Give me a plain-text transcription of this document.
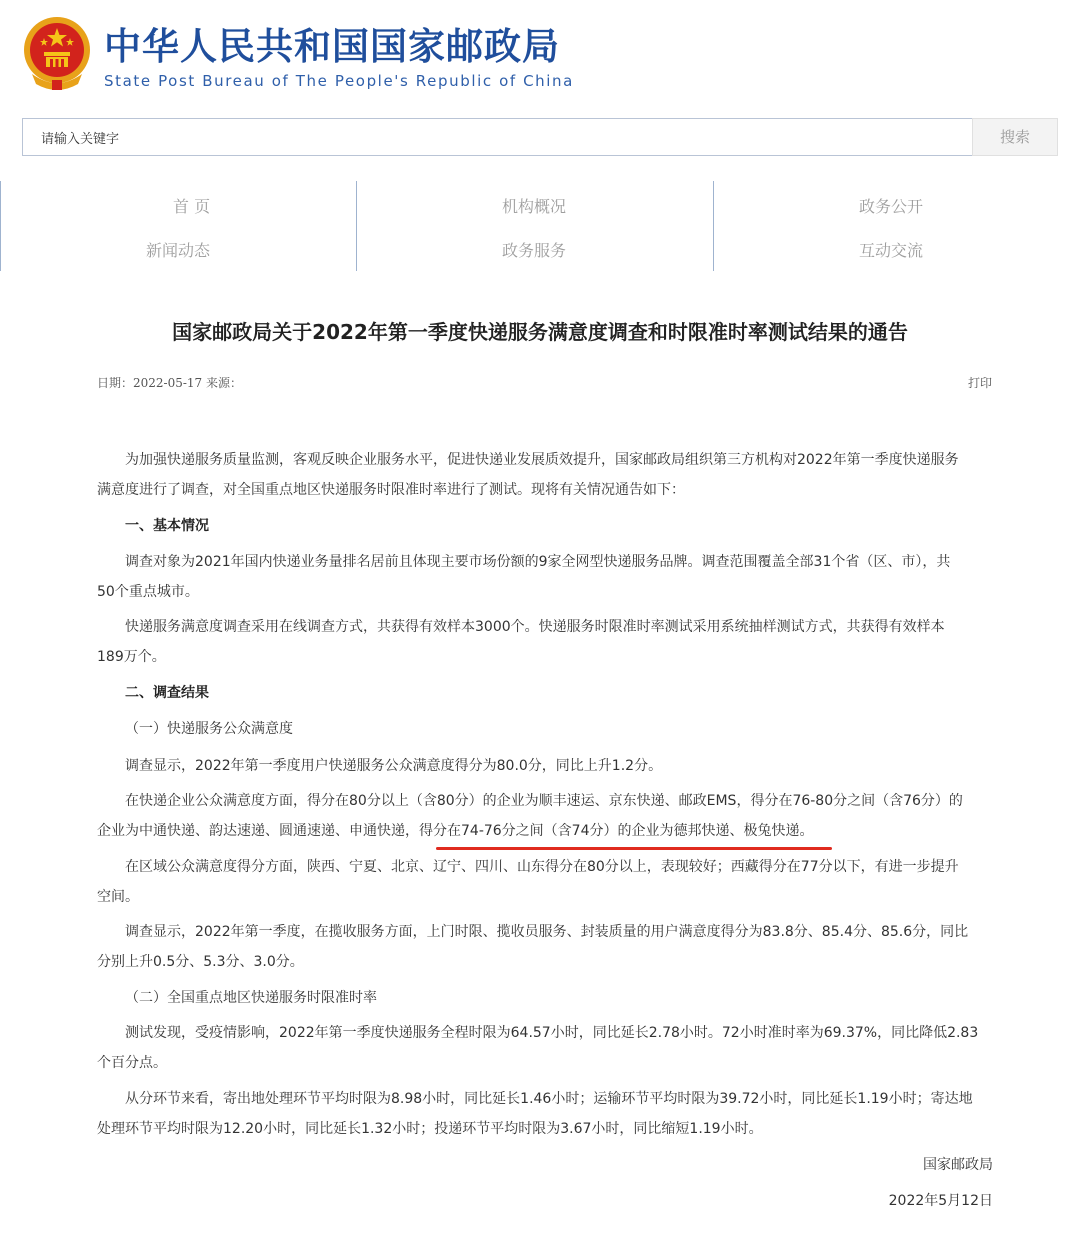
中华人民共和国国家邮政局
State Post Bureau of The People's Republic of China
请输入关键字
搜索
首 页	机构概况	政务公开
新闻动态	政务服务	互动交流
国家邮政局关于2022年第一季度快递服务满意度调查和时限准时率测试结果的通告
日期：2022-05-17 来源：	打印
为加强快递服务质量监测，客观反映企业服务水平，促进快递业发展质效提升，国家邮政局组织第三方机构对2022年第一季度快递服务
满意度进行了调查，对全国重点地区快递服务时限准时率进行了测试。现将有关情况通告如下：
一、基本情况
调查对象为2021年国内快递业务量排名居前且体现主要市场份额的9家全网型快递服务品牌。调查范围覆盖全部31个省（区、市），共
50个重点城市。
快递服务满意度调查采用在线调查方式，共获得有效样本3000个。快递服务时限准时率测试采用系统抽样测试方式，共获得有效样本
189万个。
二、调查结果
（一）快递服务公众满意度
调查显示，2022年第一季度用户快递服务公众满意度得分为80.0分，同比上升1.2分。
在快递企业公众满意度方面，得分在80分以上（含80分）的企业为顺丰速运、京东快递、邮政EMS，得分在76-80分之间（含76分）的
企业为中通快递、韵达速递、圆通速递、申通快递，得分在74-76分之间（含74分）的企业为德邦快递、极兔快递。
在区域公众满意度得分方面，陕西、宁夏、北京、辽宁、四川、山东得分在80分以上，表现较好；西藏得分在77分以下，有进一步提升
空间。
调查显示，2022年第一季度，在揽收服务方面，上门时限、揽收员服务、封装质量的用户满意度得分为83.8分、85.4分、85.6分，同比
分别上升0.5分、5.3分、3.0分。
（二）全国重点地区快递服务时限准时率
测试发现，受疫情影响，2022年第一季度快递服务全程时限为64.57小时，同比延长2.78小时。72小时准时率为69.37%，同比降低2.83
个百分点。
从分环节来看，寄出地处理环节平均时限为8.98小时，同比延长1.46小时；运输环节平均时限为39.72小时，同比延长1.19小时；寄达地
处理环节平均时限为12.20小时，同比延长1.32小时；投递环节平均时限为3.67小时，同比缩短1.19小时。
国家邮政局
2022年5月12日
